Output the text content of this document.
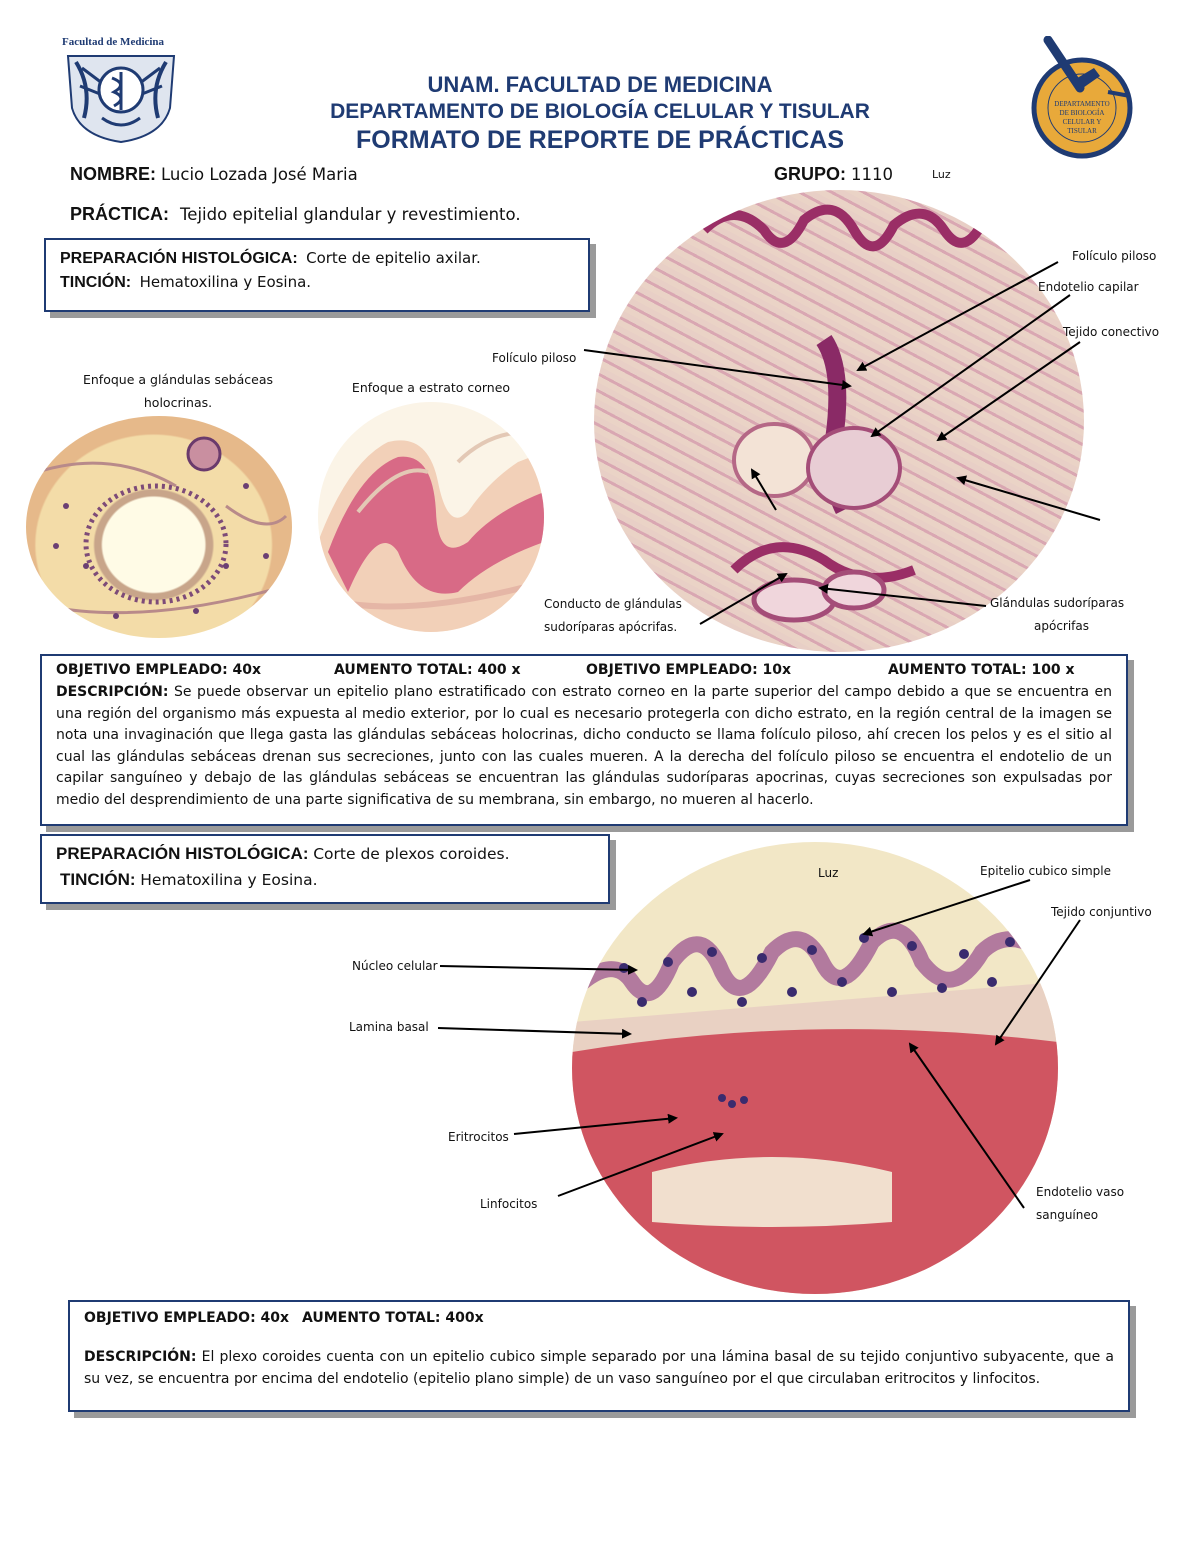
Facultad de Medicina
UNAM. FACULTAD DE MEDICINA
DEPARTAMENTO DE BIOLOGÍA CELULAR Y TISULAR
FORMATO DE REPORTE DE PRÁCTICAS
DEPARTAMENTO
DE BIOLOGÍA
CELULAR Y
TISULAR
NOMBRE: Lucio Lozada José Maria	GRUPO: 1110
PRÁCTICA: Tejido epitelial glandular y revestimiento.
PREPARACIÓN HISTOLÓGICA: Corte de epitelio axilar.
TINCIÓN: Hematoxilina y Eosina.
Enfoque a glándulas sebáceas
holocrinas.
Enfoque a estrato corneo
Luz
Folículo piloso
Folículo piloso
Endotelio capilar
Tejido conectivo
Conducto de glándulas
sudoríparas apócrifas.
Glándulas sudoríparas
apócrifas
OBJETIVO EMPLEADO: 40x	AUMENTO TOTAL: 400 x	OBJETIVO EMPLEADO: 10x	AUMENTO TOTAL: 100 x
DESCRIPCIÓN: Se puede observar un epitelio plano estratificado con estrato corneo en la parte superior del campo debido a que se encuentra en una región del organismo más expuesta al medio exterior, por lo cual es necesario protegerla con dicho estrato, en la región central de la imagen se nota una invaginación que llega gasta las glándulas sebáceas holocrinas, dicho conducto se llama folículo piloso, ahí crecen los pelos y es el sitio al cual las glándulas sebáceas drenan sus secreciones, junto con las cuales mueren. A la derecha del folículo piloso se encuentra el endotelio de un capilar sanguíneo y debajo de las glándulas sebáceas se encuentran las glándulas sudoríparas apocrinas, cuyas secreciones son expulsadas por medio del desprendimiento de una parte significativa de su membrana, sin embargo, no mueren al hacerlo.
PREPARACIÓN HISTOLÓGICA: Corte de plexos coroides.
TINCIÓN: Hematoxilina y Eosina.	Luz	Epitelio cubico simple
Tejido conjuntivo
Núcleo celular
Lamina basal
Eritrocitos
Linfocitos
Endotelio vaso
sanguíneo
OBJETIVO EMPLEADO: 40x AUMENTO TOTAL: 400x
DESCRIPCIÓN: El plexo coroides cuenta con un epitelio cubico simple separado por una lámina basal de su tejido conjuntivo subyacente, que a su vez, se encuentra por encima del endotelio (epitelio plano simple) de un vaso sanguíneo por el que circulaban eritrocitos y linfocitos.
